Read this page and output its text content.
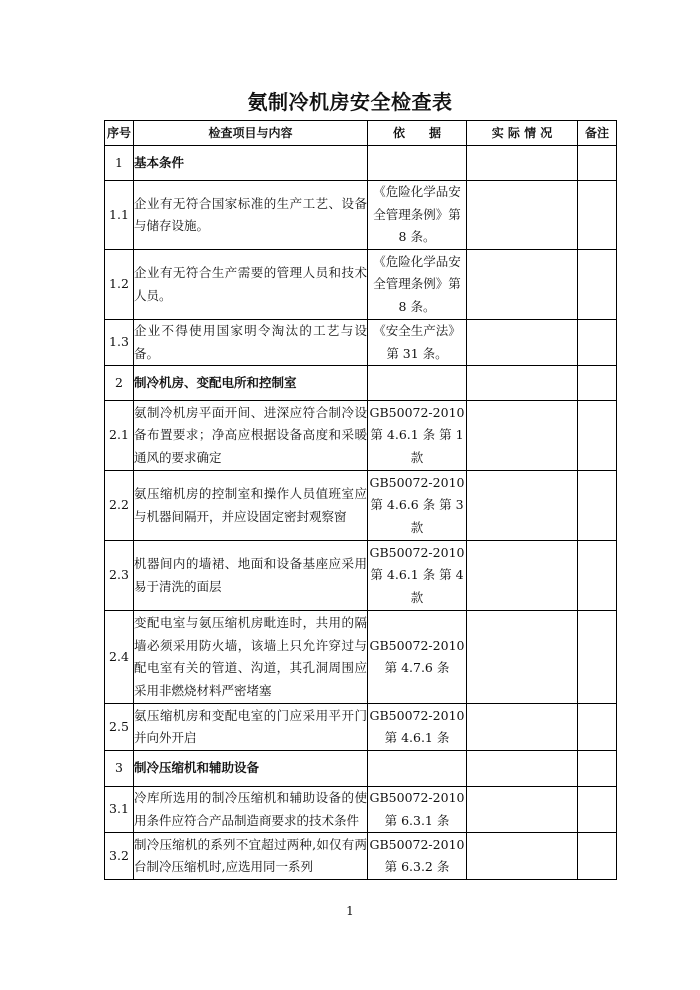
氨制冷机房安全检查表
序号	检查项目与内容	依　　据	实 际 情 况	备注
1	基本条件			
1.1	企业有无符合国家标准的生产工艺、设备与储存设施。	《危险化学品安全管理条例》第 8 条。		
1.2	企业有无符合生产需要的管理人员和技术人员。	《危险化学品安全管理条例》第 8 条。		
1.3	企业不得使用国家明令淘汰的工艺与设备。	《安全生产法》第 31 条。		
2	制冷机房、变配电所和控制室			
2.1	氨制冷机房平面开间、进深应符合制冷设备布置要求；净高应根据设备高度和采暖通风的要求确定	GB50072-2010 第 4.6.1 条 第 1 款		
2.2	氨压缩机房的控制室和操作人员值班室应与机器间隔开，并应设固定密封观察窗	GB50072-2010 第 4.6.6 条 第 3 款		
2.3	机器间内的墙裙、地面和设备基座应采用易于清洗的面层	GB50072-2010 第 4.6.1 条 第 4 款		
2.4	变配电室与氨压缩机房毗连时，共用的隔墙必须采用防火墙，该墙上只允许穿过与配电室有关的管道、沟道，其孔洞周围应采用非燃烧材料严密堵塞	GB50072-2010 第 4.7.6 条		
2.5	氨压缩机房和变配电室的门应采用平开门并向外开启	GB50072-2010 第 4.6.1 条		
3	制冷压缩机和辅助设备			
3.1	冷库所选用的制冷压缩机和辅助设备的使用条件应符合产品制造商要求的技术条件	GB50072-2010 第 6.3.1 条		
3.2	制冷压缩机的系列不宜超过两种,如仅有两台制冷压缩机时,应选用同一系列	GB50072-2010 第 6.3.2 条		
1
